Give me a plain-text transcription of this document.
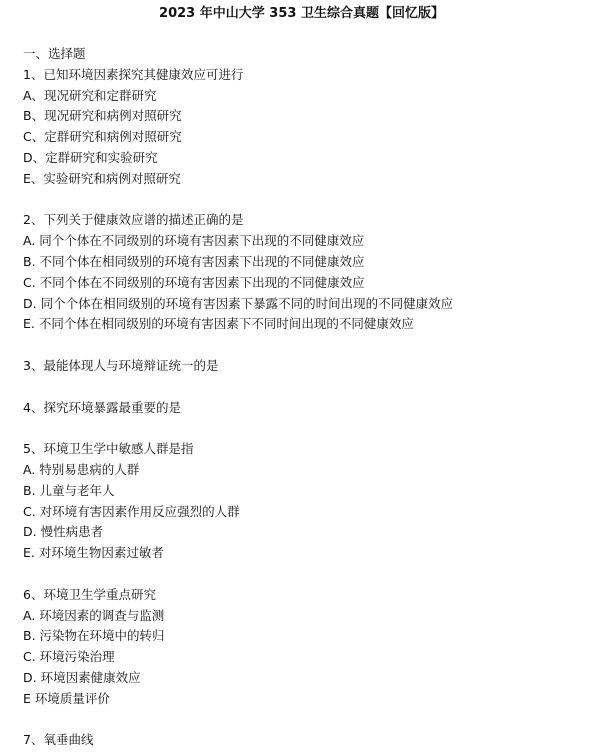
2023 年中山大学 353 卫生综合真题【回忆版】
一、选择题
1、已知环境因素探究其健康效应可进行
A、现况研究和定群研究
B、现况研究和病例对照研究
C、定群研究和病例对照研究
D、定群研究和实验研究
E、实验研究和病例对照研究
2、下列关于健康效应谱的描述正确的是
A. 同个个体在不同级别的环境有害因素下出现的不同健康效应
B. 不同个体在相同级别的环境有害因素下出现的不同健康效应
C. 不同个体在不同级别的环境有害因素下出现的不同健康效应
D. 同个个体在相同级别的环境有害因素下暴露不同的时间出现的不同健康效应
E. 不同个体在相同级别的环境有害因素下不同时间出现的不同健康效应
3、最能体现人与环境辩证统一的是
4、探究环境暴露最重要的是
5、环境卫生学中敏感人群是指
A. 特别易患病的人群
B. 儿童与老年人
C. 对环境有害因素作用反应强烈的人群
D. 慢性病患者
E. 对环境生物因素过敏者
6、环境卫生学重点研究
A. 环境因素的调查与监测
B. 污染物在环境中的转归
C. 环境污染治理
D. 环境因素健康效应
E 环境质量评价
7、氧垂曲线
